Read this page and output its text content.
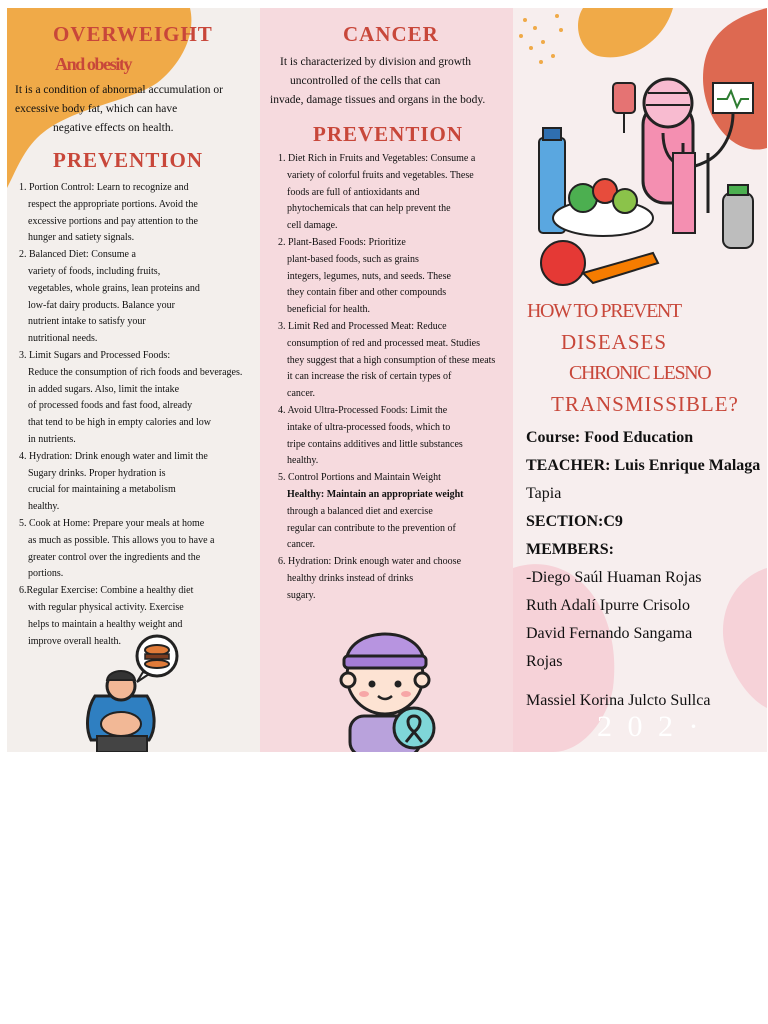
OVERWEIGHT
And obesity
It is a condition of abnormal accumulation or
excessive body fat, which can have
negative effects on health.
PREVENTION
1. Portion Control: Learn to recognize and
respect the appropriate portions. Avoid the
excessive portions and pay attention to the
hunger and satiety signals.
2. Balanced Diet: Consume a
variety of foods, including fruits,
vegetables, whole grains, lean proteins and
low-fat dairy products. Balance your
nutrient intake to satisfy your
nutritional needs.
3. Limit Sugars and Processed Foods:
Reduce the consumption of rich foods and beverages.
in added sugars. Also, limit the intake
of processed foods and fast food, already
that tend to be high in empty calories and low
in nutrients.
4. Hydration: Drink enough water and limit the
Sugary drinks. Proper hydration is
crucial for maintaining a metabolism
healthy.
5. Cook at Home: Prepare your meals at home
as much as possible. This allows you to have a
greater control over the ingredients and the
portions.
6.Regular Exercise: Combine a healthy diet
with regular physical activity. Exercise
helps to maintain a healthy weight and
improve overall health.
CANCER
It is characterized by division and growth
uncontrolled of the cells that can
invade, damage tissues and organs in the body.
PREVENTION
1. Diet Rich in Fruits and Vegetables: Consume a
variety of colorful fruits and vegetables. These
foods are full of antioxidants and
phytochemicals that can help prevent the
cell damage.
2. Plant-Based Foods: Prioritize
plant-based foods, such as grains
integers, legumes, nuts, and seeds. These
they contain fiber and other compounds
beneficial for health.
3. Limit Red and Processed Meat: Reduce
consumption of red and processed meat. Studies
they suggest that a high consumption of these meats
it can increase the risk of certain types of
cancer.
4. Avoid Ultra-Processed Foods: Limit the
intake of ultra-processed foods, which to
tripe contains additives and little substances
healthy.
5. Control Portions and Maintain Weight
Healthy: Maintain an appropriate weight
through a balanced diet and exercise
regular can contribute to the prevention of
cancer.
6. Hydration: Drink enough water and choose
healthy drinks instead of drinks
sugary.
HOW TO PREVENT
DISEASES
CHRONIC LESNO
TRANSMISSIBLE?
Course: Food Education
TEACHER: Luis Enrique Malaga
Tapia
SECTION:C9
MEMBERS:
-Diego Saúl Huaman Rojas
Ruth Adalí Ipurre Crisolo
David Fernando Sangama
Rojas
Massiel Korina Julcto Sullca
2 0 2 ·
